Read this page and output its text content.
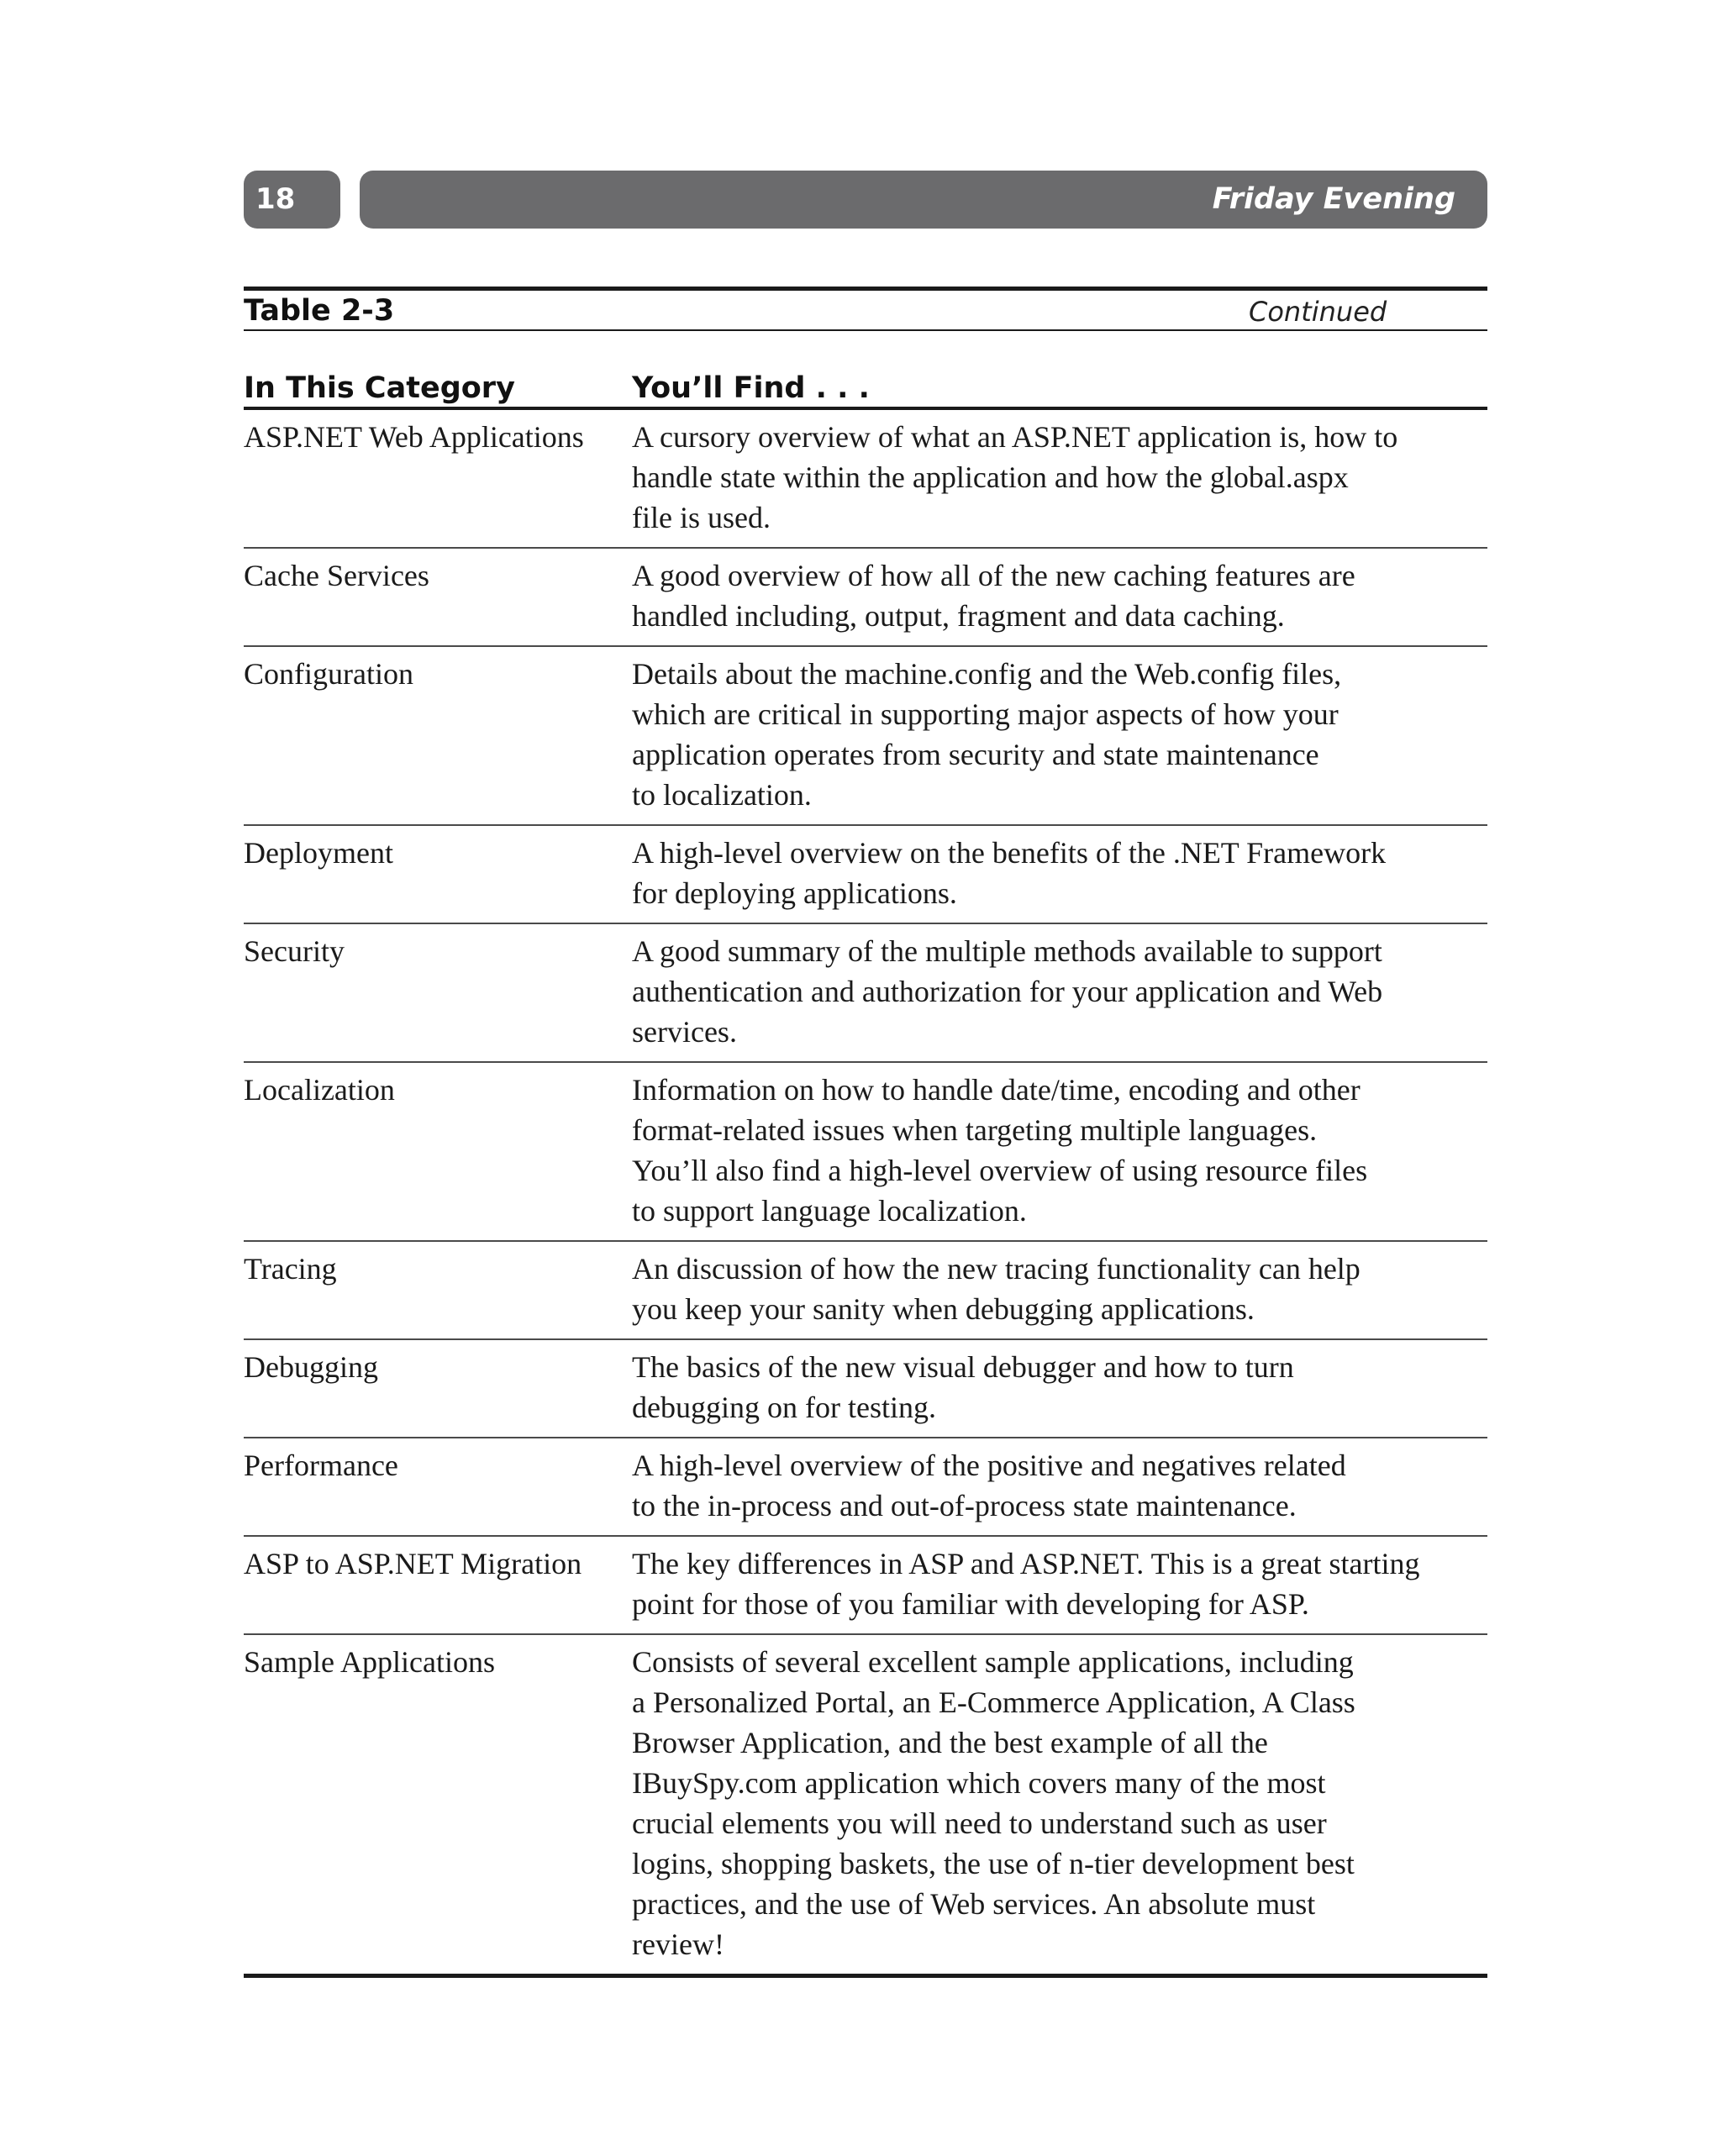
18	Friday Evening
Table 2-3	Continued
In This Category	You’ll Find . . .
ASP.NET Web Applications	A cursory overview of what an ASP.NET application is, how to
handle state within the application and how the global.aspx
file is used.
Cache Services	A good overview of how all of the new caching features are
handled including, output, fragment and data caching.
Configuration	Details about the machine.config and the Web.config files,
which are critical in supporting major aspects of how your
application operates from security and state maintenance
to localization.
Deployment	A high-level overview on the benefits of the .NET Framework
for deploying applications.
Security	A good summary of the multiple methods available to support
authentication and authorization for your application and Web
services.
Localization	Information on how to handle date/time, encoding and other
format-related issues when targeting multiple languages.
You’ll also find a high-level overview of using resource files
to support language localization.
Tracing	An discussion of how the new tracing functionality can help
you keep your sanity when debugging applications.
Debugging	The basics of the new visual debugger and how to turn
debugging on for testing.
Performance	A high-level overview of the positive and negatives related
to the in-process and out-of-process state maintenance.
ASP to ASP.NET Migration	The key differences in ASP and ASP.NET. This is a great starting
point for those of you familiar with developing for ASP.
Sample Applications	Consists of several excellent sample applications, including
a Personalized Portal, an E-Commerce Application, A Class
Browser Application, and the best example of all the
IBuySpy.com application which covers many of the most
crucial elements you will need to understand such as user
logins, shopping baskets, the use of n-tier development best
practices, and the use of Web services. An absolute must
review!
